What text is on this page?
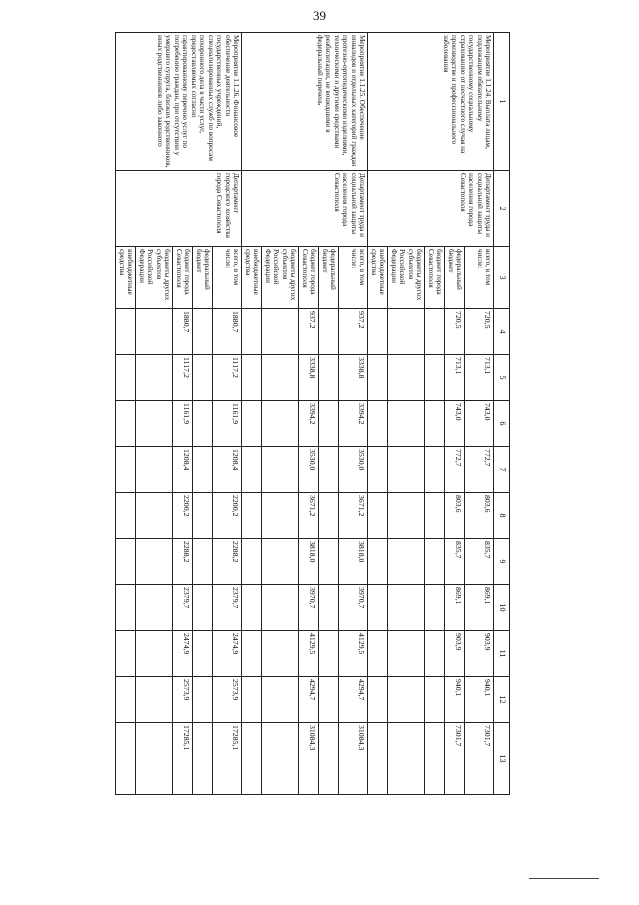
39
1	2	3	4	5	6	7	8	9	10	11	12	13
Мероприятие 1.1.24. Выплата лицам, подлежащим обязательному государственному социальному страхованию от несчастного случая на производстве и профессионального заболевания	Департамент труда и социальной защиты населения города Севастополя	всего, в том числе:	720,5	713,1	743,0	772,7	803,6	835,7	869,1	903,9	940,1	7301,7
		федеральный бюджет	720,5	713,1	743,0	772,7	803,6	835,7	869,1	903,9	940,1	7301,7
		бюджет города Севастополя										
		бюджеты других субъектов Российской Федерации										
		внебюджетные средства										
Мероприятие 1.1.25. Обеспечение инвалидов и отдельных категорий граждан протезно-ортопедическими изделиями, техническими и другими средствами реабилитации, не вошедшими в федеральный перечень	Департамент труда и социальной защиты населения города Севастополя	всего, в том числе:	937,2	3338,8	3394,2	3530,0	3671,2	3818,0	3970,7	4129,5	4294,7	31084,3
		федеральный бюджет										
		бюджет города Севастополя	937,2	3338,8	3394,2	3530,0	3671,2	3818,0	3970,7	4129,5	4294,7	31084,3
		бюджеты других субъектов Российской Федерации										
		внебюджетные средства										
Мероприятие 1.1.26. Финансовое обеспечение деятельности государственных учреждений, специализированных служб по вопросам похоронного дела в части услуг, предоставляемых согласно гарантированному перечню услуг по погребению граждан, при отсутствии у умершего супруга, близких родственников, иных родственников либо законного	Департамент городского хозяйства города Севастополя	всего, в том числе:	1880,7	1117,2	1161,9	1208,4	2200,2	2288,2	2379,7	2474,9	2573,9	17285,1
		федеральный бюджет										
		бюджет города Севастополя	1880,7	1117,2	1161,9	1208,4	2200,2	2288,2	2379,7	2474,9	2573,9	17285,1
		бюджеты других субъектов Российской Федерации										
		внебюджетные средства										
